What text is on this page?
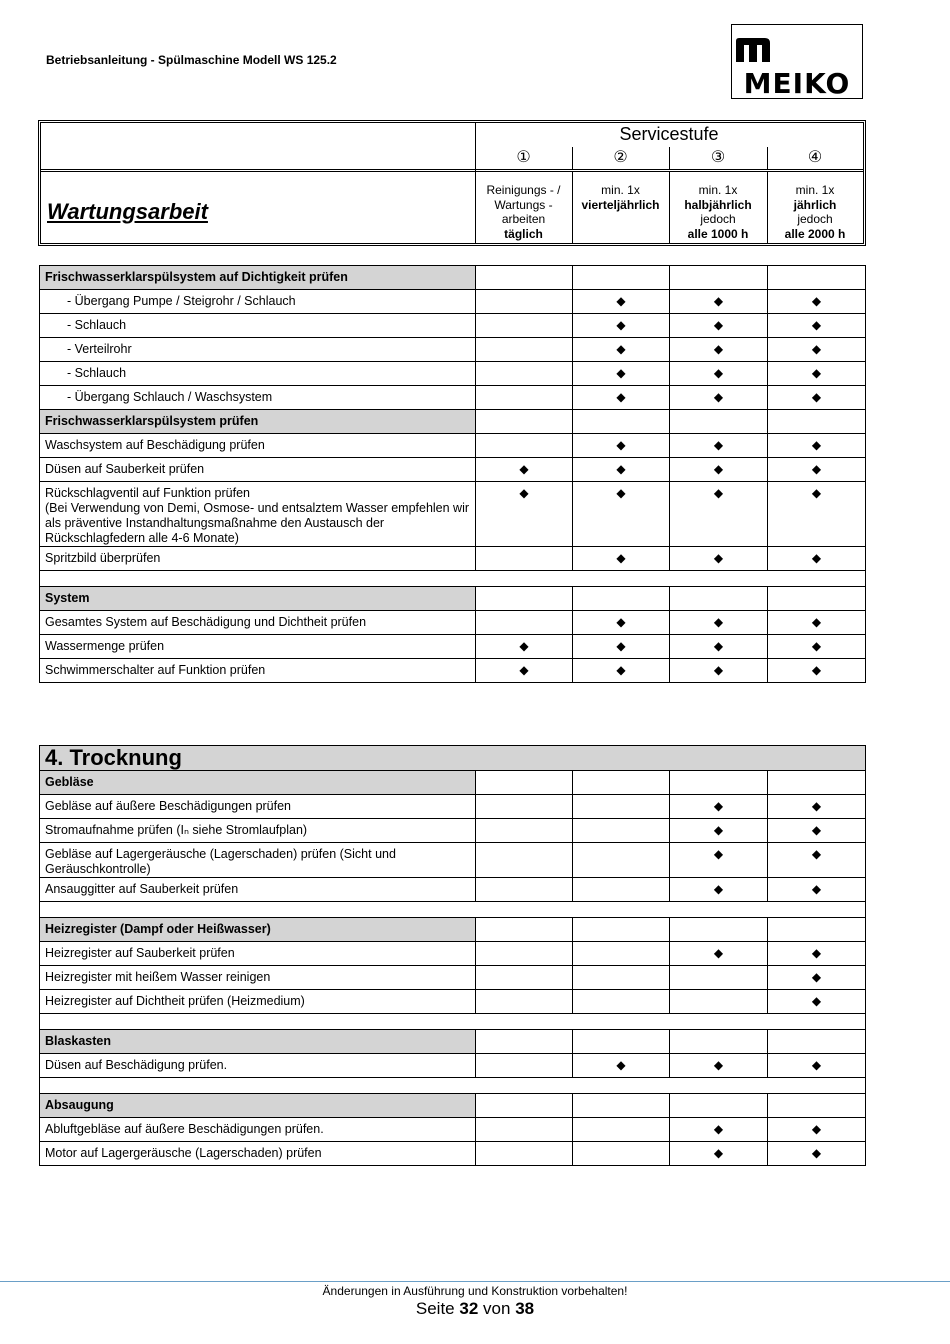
Betriebsanleitung - Spülmaschine Modell WS 125.2
MEIKO
Servicestufe
Wartungsarbeit
①
Reinigungs - /
Wartungs -
arbeiten
täglich
②
min. 1x
vierteljährlich
③
min. 1x
halbjährlich
jedoch
alle 1000 h
④
min. 1x
jährlich
jedoch
alle 2000 h
Frischwasserklarspülsystem auf Dichtigkeit prüfen				
- Übergang Pumpe / Steigrohr / Schlauch		◆	◆	◆
- Schlauch		◆	◆	◆
- Verteilrohr		◆	◆	◆
- Schlauch		◆	◆	◆
- Übergang Schlauch / Waschsystem		◆	◆	◆
Frischwasserklarspülsystem prüfen				
Waschsystem auf Beschädigung prüfen		◆	◆	◆
Düsen auf Sauberkeit prüfen	◆	◆	◆	◆
Rückschlagventil auf Funktion prüfen
(Bei Verwendung von Demi, Osmose- und entsalztem Wasser empfehlen wir als präventive Instandhaltungsmaßnahme den Austausch der Rückschlagfedern alle 4-6 Monate)	◆	◆	◆	◆
Spritzbild überprüfen		◆	◆	◆

System				
Gesamtes System auf Beschädigung und Dichtheit prüfen		◆	◆	◆
Wassermenge prüfen	◆	◆	◆	◆
Schwimmerschalter auf Funktion prüfen	◆	◆	◆	◆
4. Trocknung				
Gebläse				
Gebläse auf äußere Beschädigungen prüfen			◆	◆
Stromaufnahme prüfen (Iₙ siehe Stromlaufplan)			◆	◆
Gebläse auf Lagergeräusche (Lagerschaden) prüfen (Sicht und Geräuschkontrolle)			◆	◆
Ansauggitter auf Sauberkeit prüfen			◆	◆

Heizregister (Dampf oder Heißwasser)				
Heizregister auf Sauberkeit prüfen			◆	◆
Heizregister mit heißem Wasser reinigen				◆
Heizregister auf Dichtheit prüfen (Heizmedium)				◆

Blaskasten				
Düsen auf Beschädigung prüfen.		◆	◆	◆

Absaugung				
Abluftgebläse auf äußere Beschädigungen prüfen.			◆	◆
Motor auf Lagergeräusche (Lagerschaden) prüfen			◆	◆
Änderungen in Ausführung und Konstruktion vorbehalten!
Seite 32 von 38
